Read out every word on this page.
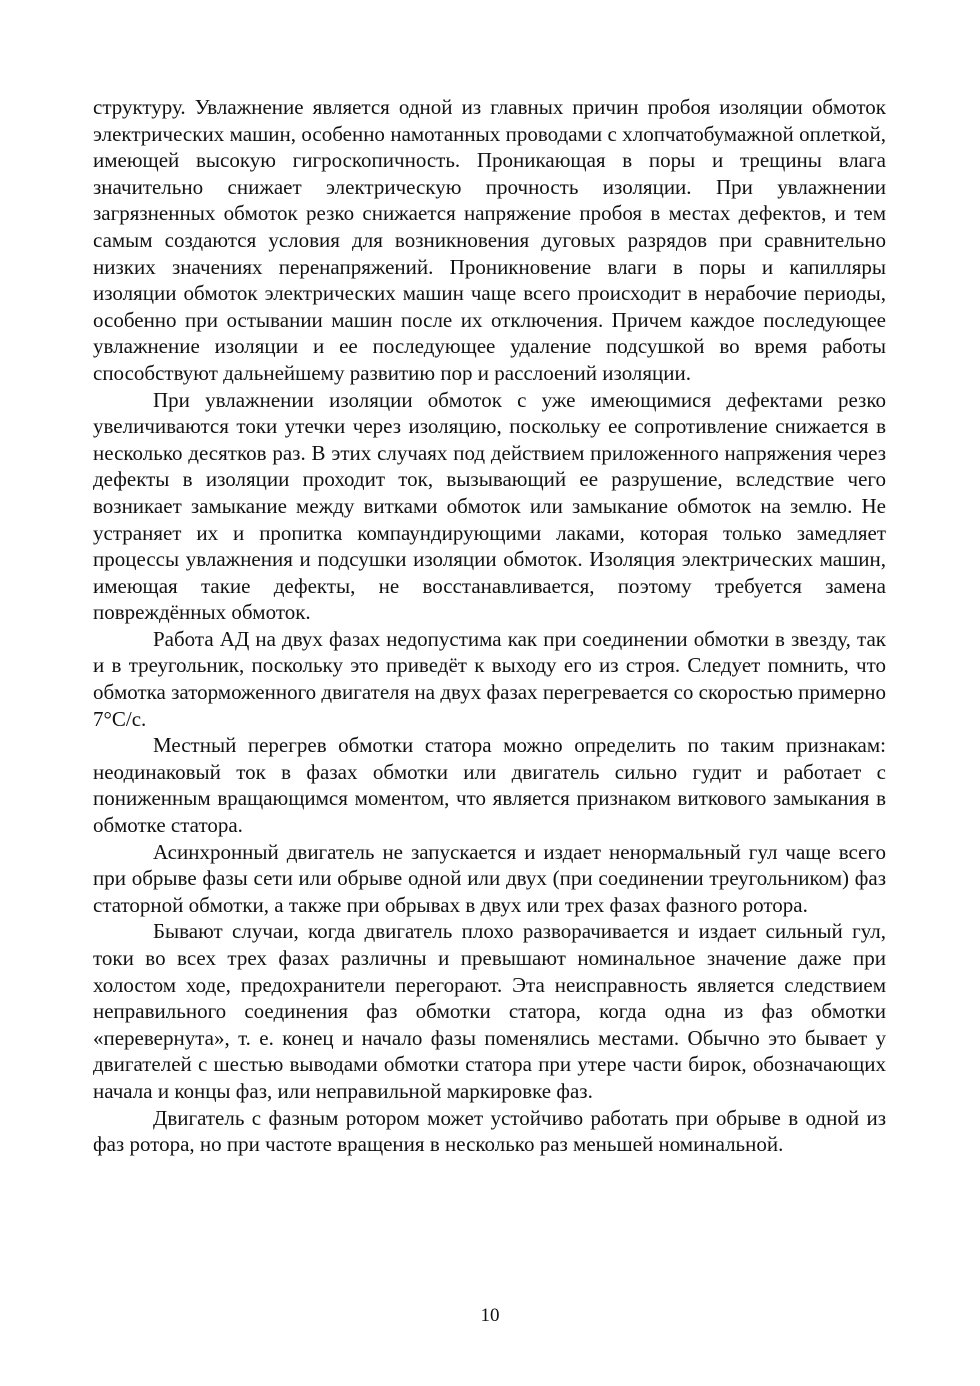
структуру. Увлажнение является одной из главных причин пробоя изоляции обмоток электрических машин, особенно намотанных проводами с хлопчатобумажной оплеткой, имеющей высокую гигроскопичность. Проникающая в поры и трещины влага значительно снижает электрическую прочность изоляции. При увлажнении загрязненных обмоток резко снижается напряжение пробоя в местах дефектов, и тем самым создаются условия для возникновения дуговых разрядов при сравнительно низких значениях перенапряжений. Проникновение влаги в поры и капилляры изоляции обмоток электрических машин чаще всего происходит в нерабочие периоды, особенно при остывании машин после их отключения. Причем каждое последующее увлажнение изоляции и ее последующее удаление подсушкой во время работы способствуют дальнейшему развитию пор и расслоений изоляции.

При увлажнении изоляции обмоток с уже имеющимися дефектами резко увеличиваются токи утечки через изоляцию, поскольку ее сопротивление снижается в несколько десятков раз. В этих случаях под действием приложенного напряжения через дефекты в изоляции проходит ток, вызывающий ее разрушение, вследствие чего возникает замыкание между витками обмоток или замыкание обмоток на землю. Не устраняет их и пропитка компаундирующими лаками, которая только замедляет процессы увлажнения и подсушки изоляции обмоток. Изоляция электрических машин, имеющая такие дефекты, не восстанавливается, поэтому требуется замена повреждённых обмоток.

Работа АД на двух фазах недопустима как при соединении обмотки в звезду, так и в треугольник, поскольку это приведёт к выходу его из строя. Следует помнить, что обмотка заторможенного двигателя на двух фазах перегревается со скоростью примерно 7°С/с.

Местный перегрев обмотки статора можно определить по таким признакам: неодинаковый ток в фазах обмотки или двигатель сильно гудит и работает с пониженным вращающимся моментом, что является признаком виткового замыкания в обмотке статора.

Асинхронный двигатель не запускается и издает ненормальный гул чаще всего при обрыве фазы сети или обрыве одной или двух (при соединении треугольником) фаз статорной обмотки, а также при обрывах в двух или трех фазах фазного ротора.

Бывают случаи, когда двигатель плохо разворачивается и издает сильный гул, токи во всех трех фазах различны и превышают номинальное значение даже при холостом ходе, предохранители перегорают. Эта неисправность является следствием неправильного соединения фаз обмотки статора, когда одна из фаз обмотки «перевернута», т. е. конец и начало фазы поменялись местами. Обычно это бывает у двигателей с шестью выводами обмотки статора при утере части бирок, обозначающих начала и концы фаз, или неправильной маркировке фаз.

Двигатель с фазным ротором может устойчиво работать при обрыве в одной из фаз ротора, но при частоте вращения в несколько раз меньшей номинальной.

10
